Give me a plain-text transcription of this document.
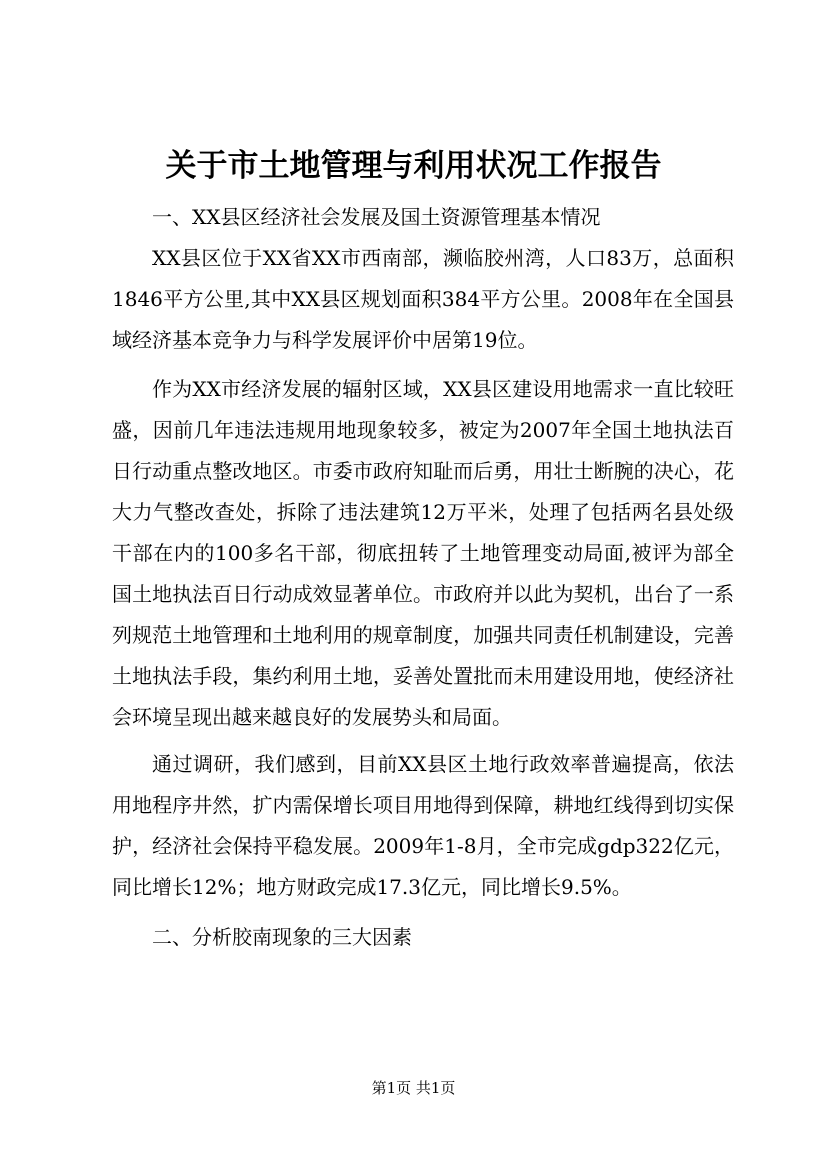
关于市土地管理与利用状况工作报告

一、XX县区经济社会发展及国土资源管理基本情况

XX县区位于XX省XX市西南部，濒临胶州湾，人口83万，总面积1846平方公里,其中XX县区规划面积384平方公里。2008年在全国县域经济基本竞争力与科学发展评价中居第19位。

作为XX市经济发展的辐射区域，XX县区建设用地需求一直比较旺盛，因前几年违法违规用地现象较多，被定为2007年全国土地执法百日行动重点整改地区。市委市政府知耻而后勇，用壮士断腕的决心，花大力气整改查处，拆除了违法建筑12万平米，处理了包括两名县处级干部在内的100多名干部，彻底扭转了土地管理变动局面,被评为部全国土地执法百日行动成效显著单位。市政府并以此为契机，出台了一系列规范土地管理和土地利用的规章制度，加强共同责任机制建设，完善土地执法手段，集约利用土地，妥善处置批而未用建设用地，使经济社会环境呈现出越来越良好的发展势头和局面。

通过调研，我们感到，目前XX县区土地行政效率普遍提高，依法用地程序井然，扩内需保增长项目用地得到保障，耕地红线得到切实保护，经济社会保持平稳发展。2009年1-8月，全市完成gdp322亿元，同比增长12%；地方财政完成17.3亿元，同比增长9.5%。

二、分析胶南现象的三大因素

第1页 共1页
